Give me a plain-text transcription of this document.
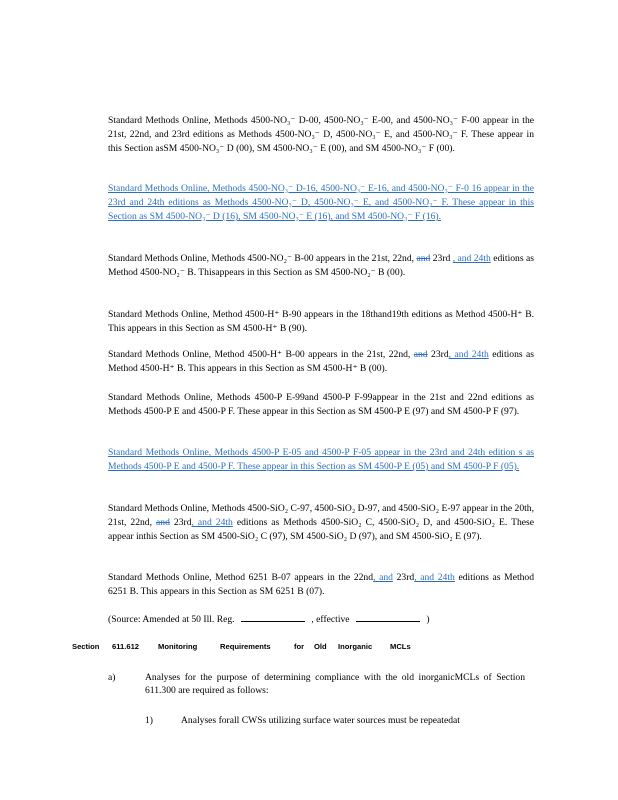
Standard Methods Online, Methods 4500-NO₃⁻ D-00, 4500-NO₃⁻ E-00, and 4500-NO₃⁻ F-00 appear in the 21st, 22nd, and 23rd editions as Methods 4500-NO₃⁻ D, 4500-NO₃⁻ E, and 4500-NO₃⁻ F. These appear in this Section asSM 4500-NO₃⁻ D (00), SM 4500-NO₃⁻ E (00), and SM 4500-NO₃⁻ F (00).
Standard Methods Online, Methods 4500-NO₃⁻ D-16, 4500-NO₃⁻ E-16, and 4500-NO₃⁻ F-0 16 appear in the 23rd and 24th editions as Methods 4500-NO₃⁻ D, 4500-NO₃⁻ E, and 4500-NO₂⁻ F. These appear in this Section as SM 4500-NO₃⁻ D (16), SM 4500-NO₃⁻ E (16), and SM 4500-NO₃⁻ F (16).
Standard Methods Online, Methods 4500-NO₂⁻ B-00 appears in the 21st, 22nd, and 23rd , and 24th editions as Method 4500-NO₂⁻ B. Thisappears in this Section as SM 4500-NO₂⁻ B (00).
Standard Methods Online, Method 4500-H⁺ B-90 appears in the 18thand19th editions as Method 4500-H⁺ B. This appears in this Section as SM 4500-H⁺ B (90).
Standard Methods Online, Method 4500-H⁺ B-00 appears in the 21st, 22nd, and 23rd, and 24th editions as Method 4500-H⁺ B. This appears in this Section as SM 4500-H⁺ B (00).
Standard Methods Online, Methods 4500-P E-99and 4500-P F-99appear in the 21st and 22nd editions as Methods 4500-P E and 4500-P F. These appear in this Section as SM 4500-P E (97) and SM 4500-P F (97).
Standard Methods Online, Methods 4500-P E-05 and 4500-P F-05 appear in the 23rd and 24th edition s as Methods 4500-P E and 4500-P F. These appear in this Section as SM 4500-P E (05) and SM 4500-P F (05).
Standard Methods Online, Methods 4500-SiO₂ C-97, 4500-SiO₂ D-97, and 4500-SiO₂ E-97 appear in the 20th, 21st, 22nd, and 23rd, and 24th editions as Methods 4500-SiO₂ C, 4500-SiO₂ D, and 4500-SiO₂ E. These appear inthis Section as SM 4500-SiO₂ C (97), SM 4500-SiO₂ D (97), and SM 4500-SiO₂ E (97).
Standard Methods Online, Method 6251 B-07 appears in the 22nd, and 23rd, and 24th editions as Method 6251 B. This appears in this Section as SM 6251 B (07).
(Source: Amended at 50 Ill. Reg.	, effective	)
Section 611.612 Monitoring	Requirements	for Old Inorganic MCLs
a)	Analyses for the purpose of determining compliance with the old inorganicMCLs of Section 611.300 are required as follows:
1)	Analyses forall CWSs utilizing surface water sources must be repeatedat
